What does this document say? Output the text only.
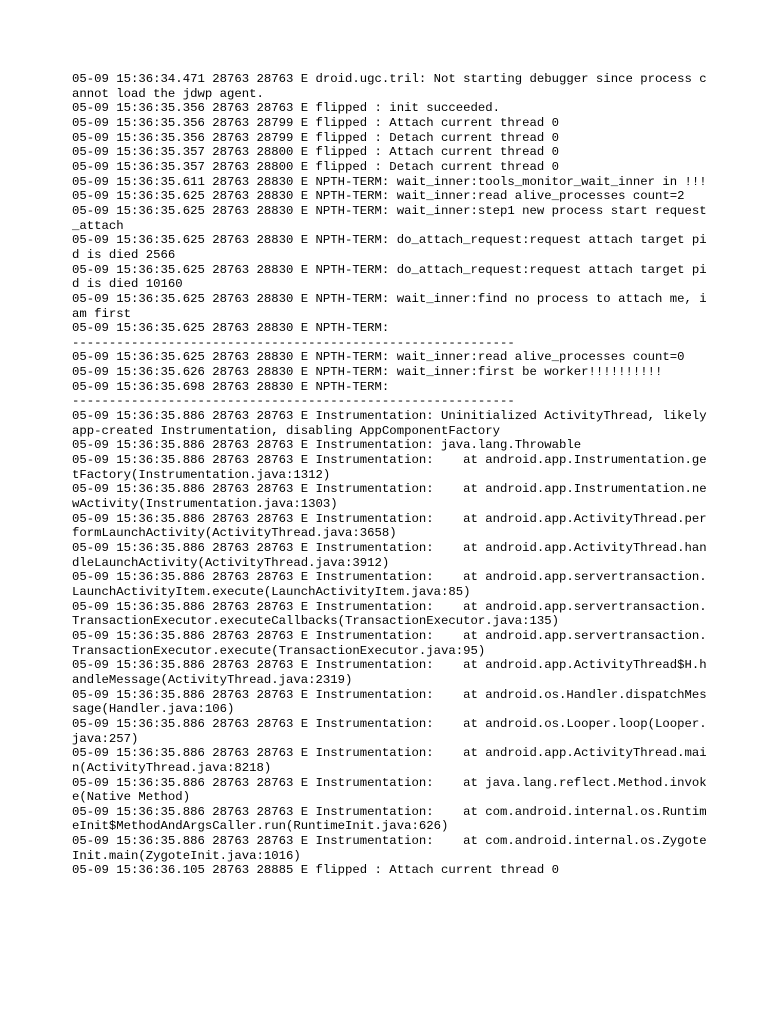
05-09 15:36:34.471 28763 28763 E droid.ugc.tril: Not starting debugger since process cannot load the jdwp agent.

05-09 15:36:35.356 28763 28763 E flipped : init succeeded.

05-09 15:36:35.356 28763 28799 E flipped : Attach current thread 0

05-09 15:36:35.356 28763 28799 E flipped : Detach current thread 0

05-09 15:36:35.357 28763 28800 E flipped : Attach current thread 0

05-09 15:36:35.357 28763 28800 E flipped : Detach current thread 0

05-09 15:36:35.611 28763 28830 E NPTH-TERM: wait_inner:tools_monitor_wait_inner in !!!

05-09 15:36:35.625 28763 28830 E NPTH-TERM: wait_inner:read alive_processes count=2

05-09 15:36:35.625 28763 28830 E NPTH-TERM: wait_inner:step1 new process start request_attach

05-09 15:36:35.625 28763 28830 E NPTH-TERM: do_attach_request:request attach target pid is died 2566

05-09 15:36:35.625 28763 28830 E NPTH-TERM: do_attach_request:request attach target pid is died 10160

05-09 15:36:35.625 28763 28830 E NPTH-TERM: wait_inner:find no process to attach me, i am first

05-09 15:36:35.625 28763 28830 E NPTH-TERM:

------------------------------------------------------------

05-09 15:36:35.625 28763 28830 E NPTH-TERM: wait_inner:read alive_processes count=0

05-09 15:36:35.626 28763 28830 E NPTH-TERM: wait_inner:first be worker!!!!!!!!!!

05-09 15:36:35.698 28763 28830 E NPTH-TERM:

------------------------------------------------------------

05-09 15:36:35.886 28763 28763 E Instrumentation: Uninitialized ActivityThread, likely app-created Instrumentation, disabling AppComponentFactory

05-09 15:36:35.886 28763 28763 E Instrumentation: java.lang.Throwable

05-09 15:36:35.886 28763 28763 E Instrumentation:    at android.app.Instrumentation.getFactory(Instrumentation.java:1312)

05-09 15:36:35.886 28763 28763 E Instrumentation:    at android.app.Instrumentation.newActivity(Instrumentation.java:1303)

05-09 15:36:35.886 28763 28763 E Instrumentation:    at android.app.ActivityThread.performLaunchActivity(ActivityThread.java:3658)

05-09 15:36:35.886 28763 28763 E Instrumentation:    at android.app.ActivityThread.handleLaunchActivity(ActivityThread.java:3912)

05-09 15:36:35.886 28763 28763 E Instrumentation:    at android.app.servertransaction.LaunchActivityItem.execute(LaunchActivityItem.java:85)

05-09 15:36:35.886 28763 28763 E Instrumentation:    at android.app.servertransaction.TransactionExecutor.executeCallbacks(TransactionExecutor.java:135)

05-09 15:36:35.886 28763 28763 E Instrumentation:    at android.app.servertransaction.TransactionExecutor.execute(TransactionExecutor.java:95)

05-09 15:36:35.886 28763 28763 E Instrumentation:    at android.app.ActivityThread$H.handleMessage(ActivityThread.java:2319)

05-09 15:36:35.886 28763 28763 E Instrumentation:    at android.os.Handler.dispatchMessage(Handler.java:106)

05-09 15:36:35.886 28763 28763 E Instrumentation:    at android.os.Looper.loop(Looper.java:257)

05-09 15:36:35.886 28763 28763 E Instrumentation:    at android.app.ActivityThread.main(ActivityThread.java:8218)

05-09 15:36:35.886 28763 28763 E Instrumentation:    at java.lang.reflect.Method.invoke(Native Method)

05-09 15:36:35.886 28763 28763 E Instrumentation:    at com.android.internal.os.RuntimeInit$MethodAndArgsCaller.run(RuntimeInit.java:626)

05-09 15:36:35.886 28763 28763 E Instrumentation:    at com.android.internal.os.ZygoteInit.main(ZygoteInit.java:1016)

05-09 15:36:36.105 28763 28885 E flipped : Attach current thread 0
